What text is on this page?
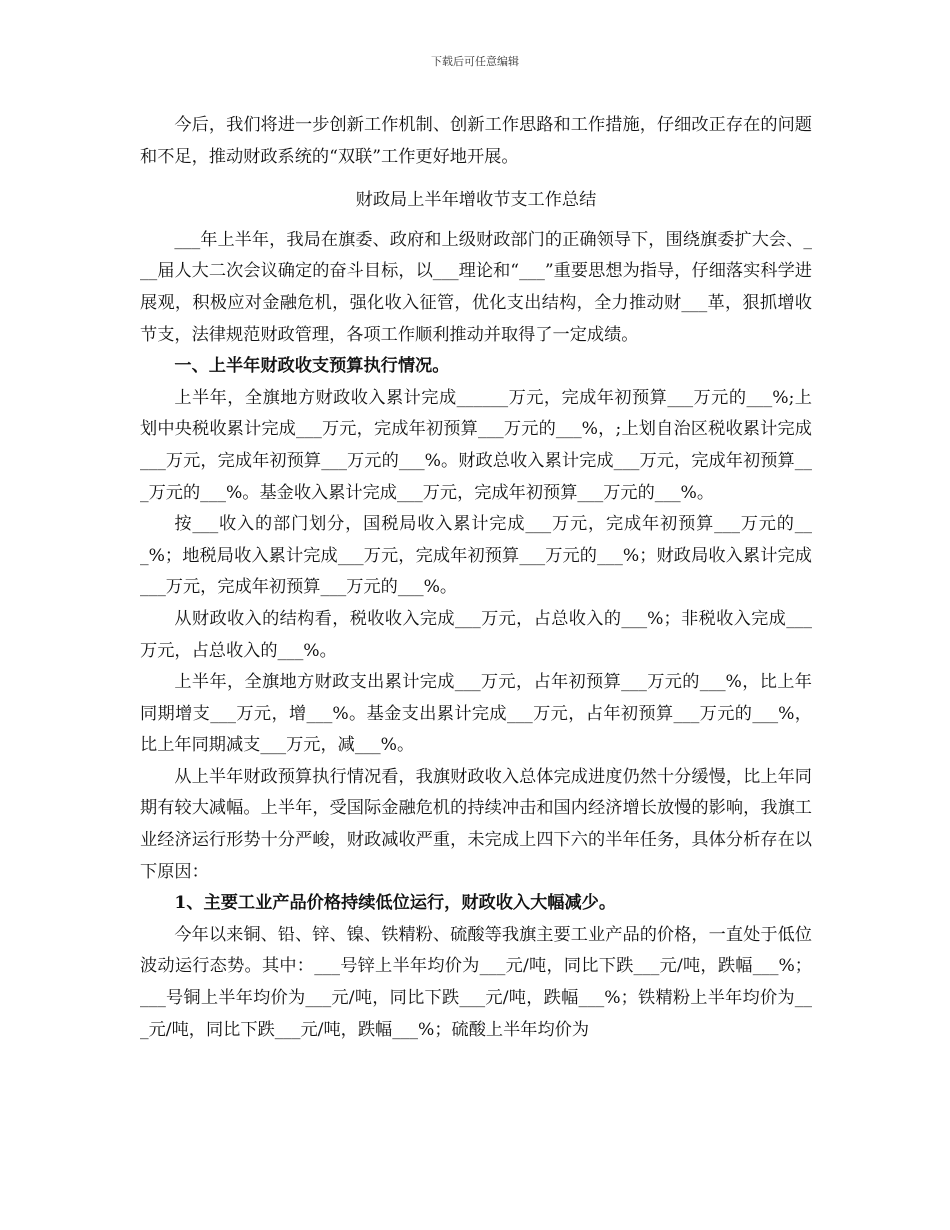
下载后可任意编辑

今后，我们将进一步创新工作机制、创新工作思路和工作措施，仔细改正存在的问题和不足，推动财政系统的“双联”工作更好地开展。

财政局上半年增收节支工作总结

___年上半年，我局在旗委、政府和上级财政部门的正确领导下，围绕旗委扩大会、___届人大二次会议确定的奋斗目标，以___理论和“___”重要思想为指导，仔细落实科学进展观，积极应对金融危机，强化收入征管，优化支出结构，全力推动财___革，狠抓增收节支，法律规范财政管理，各项工作顺利推动并取得了一定成绩。

一、上半年财政收支预算执行情况。

上半年，全旗地方财政收入累计完成______万元，完成年初预算___万元的___%;上划中央税收累计完成___万元，完成年初预算___万元的___%，;上划自治区税收累计完成___万元，完成年初预算___万元的___%。财政总收入累计完成___万元，完成年初预算___万元的___%。基金收入累计完成___万元，完成年初预算___万元的___%。

按___收入的部门划分，国税局收入累计完成___万元，完成年初预算___万元的___%；地税局收入累计完成___万元，完成年初预算___万元的___%；财政局收入累计完成___万元，完成年初预算___万元的___%。

从财政收入的结构看，税收收入完成___万元，占总收入的___%；非税收入完成___万元，占总收入的___%。

上半年，全旗地方财政支出累计完成___万元，占年初预算___万元的___%，比上年同期增支___万元，增___%。基金支出累计完成___万元，占年初预算___万元的___%，比上年同期减支___万元，减___%。

从上半年财政预算执行情况看，我旗财政收入总体完成进度仍然十分缓慢，比上年同期有较大减幅。上半年，受国际金融危机的持续冲击和国内经济增长放慢的影响，我旗工业经济运行形势十分严峻，财政减收严重，未完成上四下六的半年任务，具体分析存在以下原因：

1、主要工业产品价格持续低位运行，财政收入大幅减少。

今年以来铜、铅、锌、镍、铁精粉、硫酸等我旗主要工业产品的价格，一直处于低位波动运行态势。其中：___号锌上半年均价为___元/吨，同比下跌___元/吨，跌幅___%；___号铜上半年均价为___元/吨，同比下跌___元/吨，跌幅___%；铁精粉上半年均价为___元/吨，同比下跌___元/吨，跌幅___%；硫酸上半年均价为
